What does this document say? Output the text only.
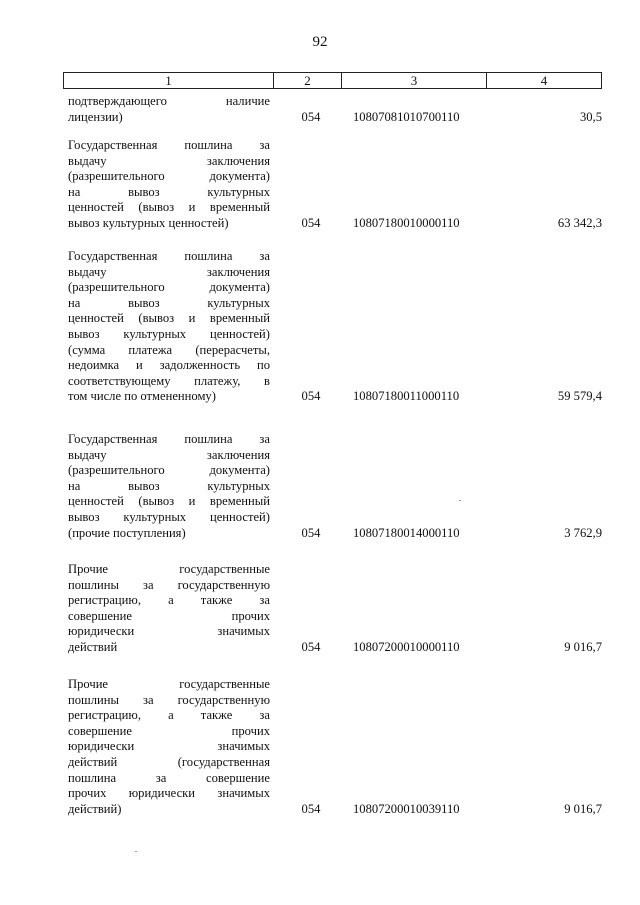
92
1	2	3	4
подтверждающего наличие
лицензии)	054	10807081010700110	30,5
Государственная пошлина за
выдачу заключения
(разрешительного документа)
на вывоз культурных
ценностей (вывоз и временный
вывоз культурных ценностей)	054	10807180010000110	63 342,3
Государственная пошлина за
выдачу заключения
(разрешительного документа)
на вывоз культурных
ценностей (вывоз и временный
вывоз культурных ценностей)
(сумма платежа (перерасчеты,
недоимка и задолженность по
соответствующему платежу, в
том числе по отмененному)	054	10807180011000110	59 579,4
Государственная пошлина за
выдачу заключения
(разрешительного документа)
на вывоз культурных
ценностей (вывоз и временный
вывоз культурных ценностей)
(прочие поступления)	054	10807180014000110	3 762,9
Прочие государственные
пошлины за государственную
регистрацию, а также за
совершение прочих
юридически значимых
действий	054	10807200010000110	9 016,7
Прочие государственные
пошлины за государственную
регистрацию, а также за
совершение прочих
юридически значимых
действий (государственная
пошлина за совершение
прочих юридически значимых
действий)	054	10807200010039110	9 016,7
